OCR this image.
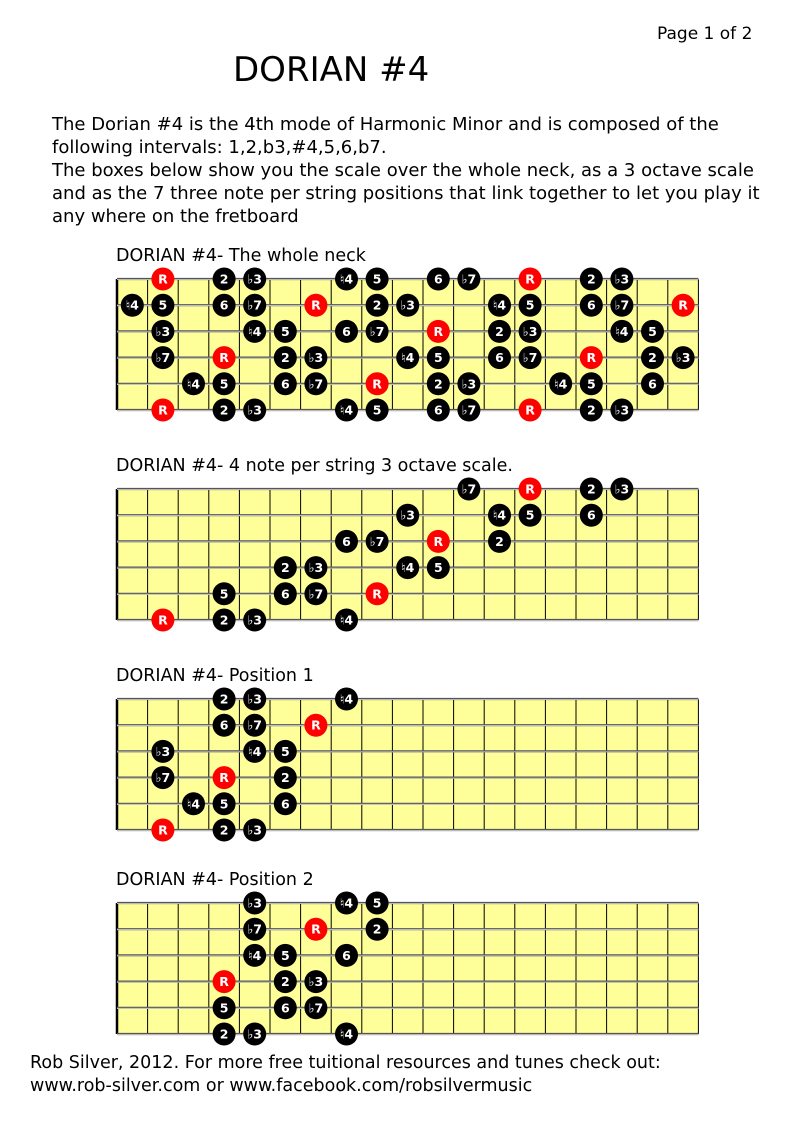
Page 1 of 2
DORIAN #4

The Dorian #4 is the 4th mode of Harmonic Minor and is composed of the following intervals: 1,2,b3,#4,5,6,b7.

The boxes below show you the scale over the whole neck, as a 3 octave scale and as the 7 three note per string positions that link together to let you play it any where on the fretboard

DORIAN #4- The whole neck
R	2 ♭3	♮4 5	6 ♭7	R	2 ♭3
♮4 5	6 ♭7	R	2 ♭3	♮4 5	6 ♭7	R
♭3	♮4 5	6 ♭7	R	2 ♭3	♮4 5
♭7	R	2 ♭3	♮4 5	6 ♭7	R	2 ♭3
♮4 5	6 ♭7	R	2 ♭3	♮4 5	6
R	2 ♭3	♮4 5	6 ♭7	R	2 ♭3
DORIAN #4- 4 note per string 3 octave scale.
♭7	R	2 ♭3
♭3	♮4 5	6
6 ♭7	R	2
2 ♭3	♮4 5
5	6 ♭7	R
R	2 ♭3	♮4
DORIAN #4- Position 1
2 ♭3	♮4
6 ♭7	R
♭3	♮4 5
♭7	R	2
♮4 5	6
R	2 ♭3
DORIAN #4- Position 2
♭3	♮4 5
♭7	R	2
♮4 5	6
R	2 ♭3
5	6 ♭7
2 ♭3	♮4

Rob Silver, 2012. For more free tuitional resources and tunes check out:

www.rob-silver.com or www.facebook.com/robsilvermusic
